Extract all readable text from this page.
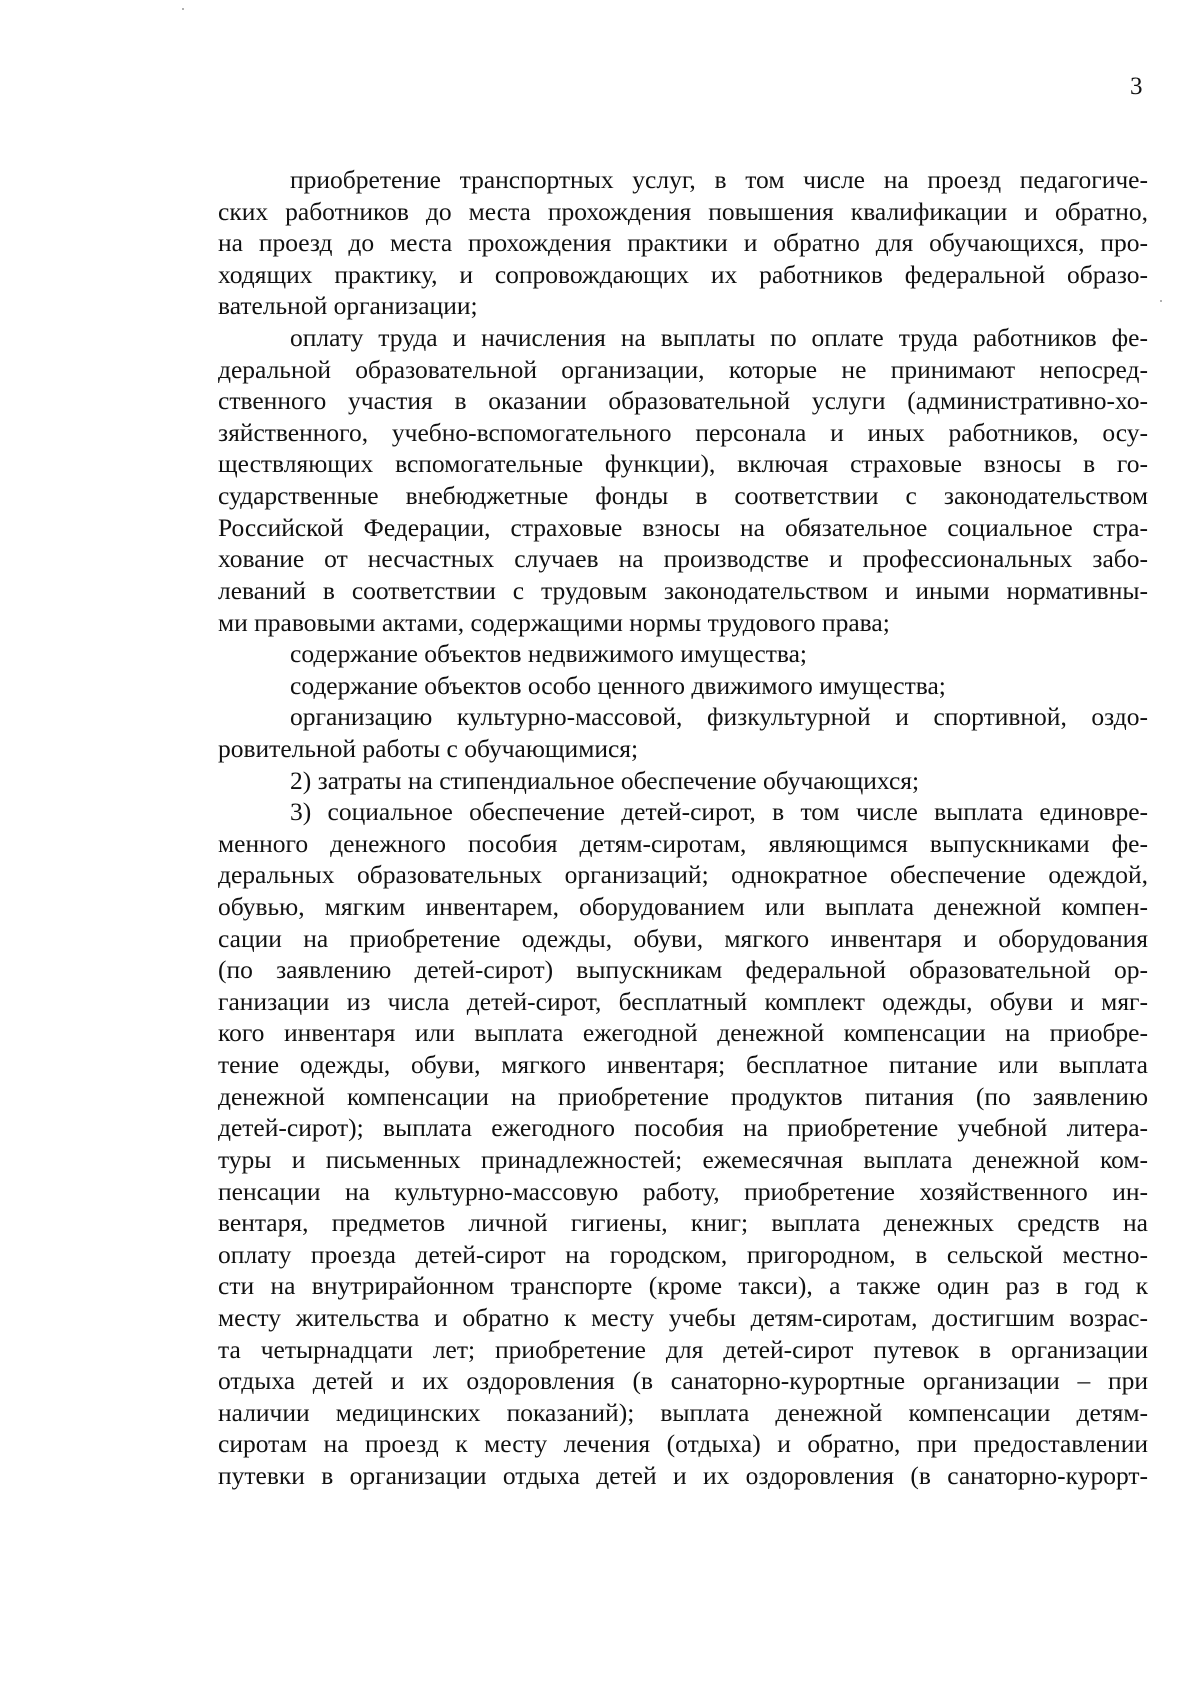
3
приобретение транспортных услуг, в том числе на проезд педагогиче-
ских работников до места прохождения повышения квалификации и обратно,
на проезд до места прохождения практики и обратно для обучающихся, про-
ходящих практику, и сопровождающих их работников федеральной образо-
вательной организации;
оплату труда и начисления на выплаты по оплате труда работников фе-
деральной образовательной организации, которые не принимают непосред-
ственного участия в оказании образовательной услуги (административно-хо-
зяйственного, учебно-вспомогательного персонала и иных работников, осу-
ществляющих вспомогательные функции), включая страховые взносы в го-
сударственные внебюджетные фонды в соответствии с законодательством
Российской Федерации, страховые взносы на обязательное социальное стра-
хование от несчастных случаев на производстве и профессиональных забо-
леваний в соответствии с трудовым законодательством и иными нормативны-
ми правовыми актами, содержащими нормы трудового права;
содержание объектов недвижимого имущества;
содержание объектов особо ценного движимого имущества;
организацию культурно-массовой, физкультурной и спортивной, оздо-
ровительной работы с обучающимися;
2) затраты на стипендиальное обеспечение обучающихся;
3) социальное обеспечение детей-сирот, в том числе выплата единовре-
менного денежного пособия детям-сиротам, являющимся выпускниками фе-
деральных образовательных организаций; однократное обеспечение одеждой,
обувью, мягким инвентарем, оборудованием или выплата денежной компен-
сации на приобретение одежды, обуви, мягкого инвентаря и оборудования
(по заявлению детей-сирот) выпускникам федеральной образовательной ор-
ганизации из числа детей-сирот, бесплатный комплект одежды, обуви и мяг-
кого инвентаря или выплата ежегодной денежной компенсации на приобре-
тение одежды, обуви, мягкого инвентаря; бесплатное питание или выплата
денежной компенсации на приобретение продуктов питания (по заявлению
детей-сирот); выплата ежегодного пособия на приобретение учебной литера-
туры и письменных принадлежностей; ежемесячная выплата денежной ком-
пенсации на культурно-массовую работу, приобретение хозяйственного ин-
вентаря, предметов личной гигиены, книг; выплата денежных средств на
оплату проезда детей-сирот на городском, пригородном, в сельской местно-
сти на внутрирайонном транспорте (кроме такси), а также один раз в год к
месту жительства и обратно к месту учебы детям-сиротам, достигшим возрас-
та четырнадцати лет; приобретение для детей-сирот путевок в организации
отдыха детей и их оздоровления (в санаторно-курортные организации – при
наличии медицинских показаний); выплата денежной компенсации детям-
сиротам на проезд к месту лечения (отдыха) и обратно, при предоставлении
путевки в организации отдыха детей и их оздоровления (в санаторно-курорт-
